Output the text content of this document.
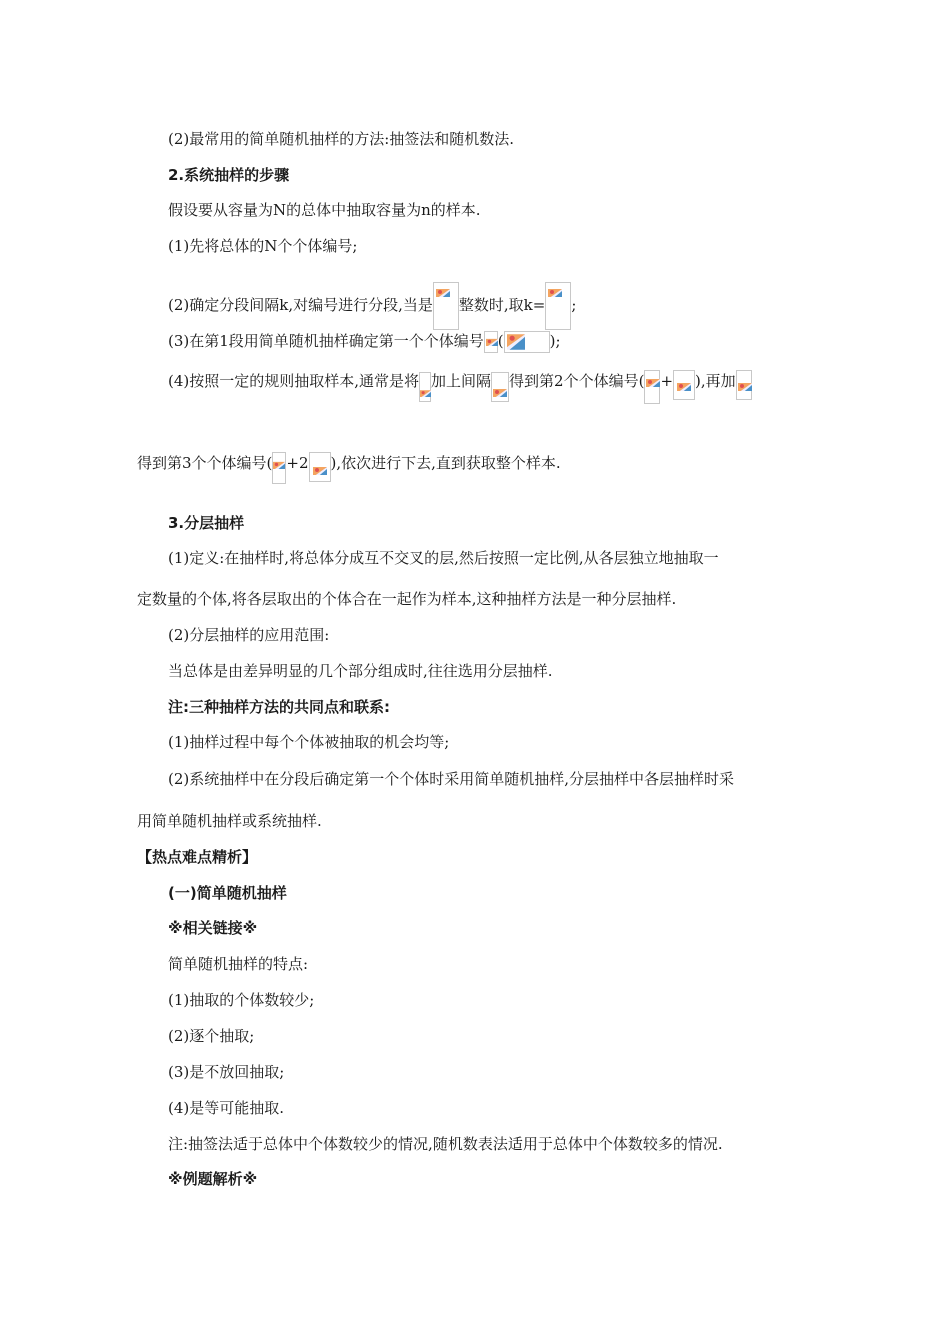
(2)最常用的简单随机抽样的方法:抽签法和随机数法.
2.系统抽样的步骤
假设要从容量为N的总体中抽取容量为n的样本.
(1)先将总体的N个个体编号;
(2)确定分段间隔k,对编号进行分段,当是 整数时,取k= ;
(3)在第1段用简单随机抽样确定第一个个体编号 (	);
(4)按照一定的规则抽取样本,通常是将 加上间隔 得到第2个个体编号( + ),再加
得到第3个个体编号( +2 ),依次进行下去,直到获取整个样本.
3.分层抽样
(1)定义:在抽样时,将总体分成互不交叉的层,然后按照一定比例,从各层独立地抽取一
定数量的个体,将各层取出的个体合在一起作为样本,这种抽样方法是一种分层抽样.
(2)分层抽样的应用范围:
当总体是由差异明显的几个部分组成时,往往选用分层抽样.
注:三种抽样方法的共同点和联系:
(1)抽样过程中每个个体被抽取的机会均等;
(2)系统抽样中在分段后确定第一个个体时采用简单随机抽样,分层抽样中各层抽样时采
用简单随机抽样或系统抽样.
【热点难点精析】
(一)简单随机抽样
※相关链接※
简单随机抽样的特点:
(1)抽取的个体数较少;
(2)逐个抽取;
(3)是不放回抽取;
(4)是等可能抽取.
注:抽签法适于总体中个体数较少的情况,随机数表法适用于总体中个体数较多的情况.
※例题解析※
